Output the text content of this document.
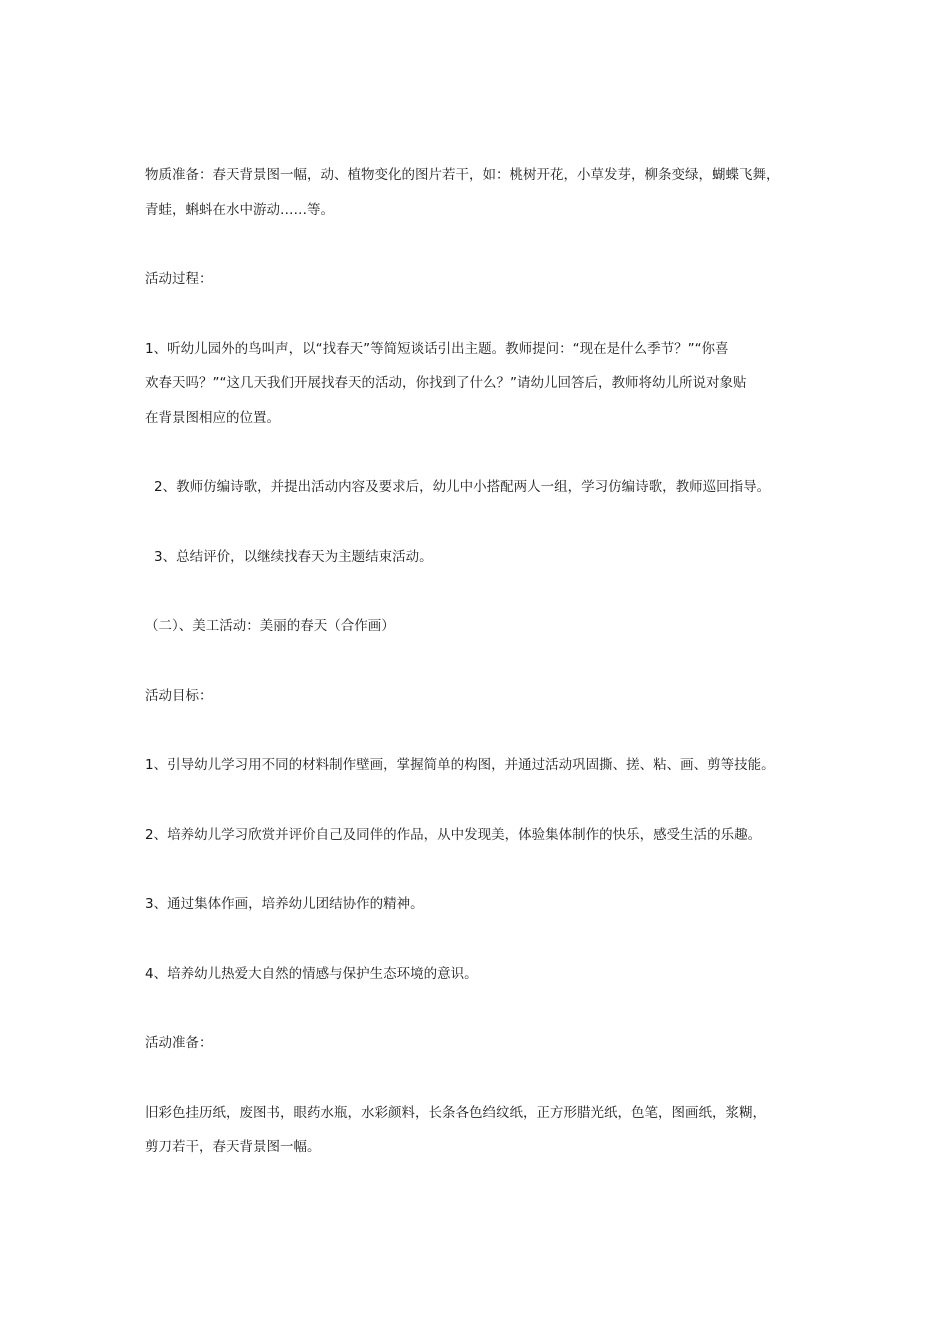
物质准备：春天背景图一幅，动、植物变化的图片若干，如：桃树开花，小草发芽，柳条变绿，蝴蝶飞舞，

青蛙，蝌蚪在水中游动……等。

活动过程：

1、听幼儿园外的鸟叫声，以“找春天”等简短谈话引出主题。教师提问：“现在是什么季节？”“你喜

欢春天吗？”“这几天我们开展找春天的活动，你找到了什么？”请幼儿回答后，教师将幼儿所说对象贴

在背景图相应的位置。

2、教师仿编诗歌，并提出活动内容及要求后，幼儿中小搭配两人一组，学习仿编诗歌，教师巡回指导。

3、总结评价，以继续找春天为主题结束活动。

（二）、美工活动：美丽的春天（合作画）

活动目标：

1、引导幼儿学习用不同的材料制作壁画，掌握简单的构图，并通过活动巩固撕、搓、粘、画、剪等技能。

2、培养幼儿学习欣赏并评价自己及同伴的作品，从中发现美，体验集体制作的快乐，感受生活的乐趣。

3、通过集体作画，培养幼儿团结协作的精神。

4、培养幼儿热爱大自然的情感与保护生态环境的意识。

活动准备：

旧彩色挂历纸，废图书，眼药水瓶，水彩颜料，长条各色绉纹纸，正方形腊光纸，色笔，图画纸，浆糊，

剪刀若干，春天背景图一幅。
